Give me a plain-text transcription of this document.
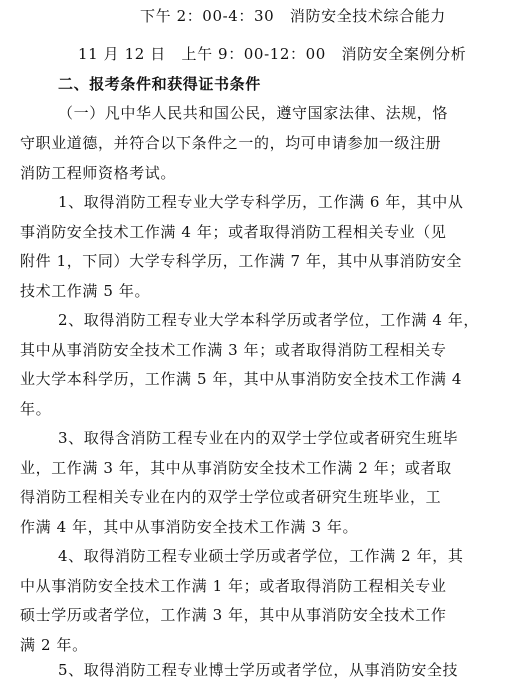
下午 2：00-4：30　消防安全技术综合能力
11 月 12 日　上午 9：00-12：00　消防安全案例分析
二、报考条件和获得证书条件
（一）凡中华人民共和国公民，遵守国家法律、法规，恪
守职业道德，并符合以下条件之一的，均可申请参加一级注册
消防工程师资格考试。
1、取得消防工程专业大学专科学历，工作满 6 年，其中从
事消防安全技术工作满 4 年；或者取得消防工程相关专业（见
附件 1，下同）大学专科学历，工作满 7 年，其中从事消防安全
技术工作满 5 年。
2、取得消防工程专业大学本科学历或者学位，工作满 4 年，
其中从事消防安全技术工作满 3 年；或者取得消防工程相关专
业大学本科学历，工作满 5 年，其中从事消防安全技术工作满 4
年。
3、取得含消防工程专业在内的双学士学位或者研究生班毕
业，工作满 3 年，其中从事消防安全技术工作满 2 年；或者取
得消防工程相关专业在内的双学士学位或者研究生班毕业，工
作满 4 年，其中从事消防安全技术工作满 3 年。
4、取得消防工程专业硕士学历或者学位，工作满 2 年，其
中从事消防安全技术工作满 1 年；或者取得消防工程相关专业
硕士学历或者学位，工作满 3 年，其中从事消防安全技术工作
满 2 年。
5、取得消防工程专业博士学历或者学位，从事消防安全技
